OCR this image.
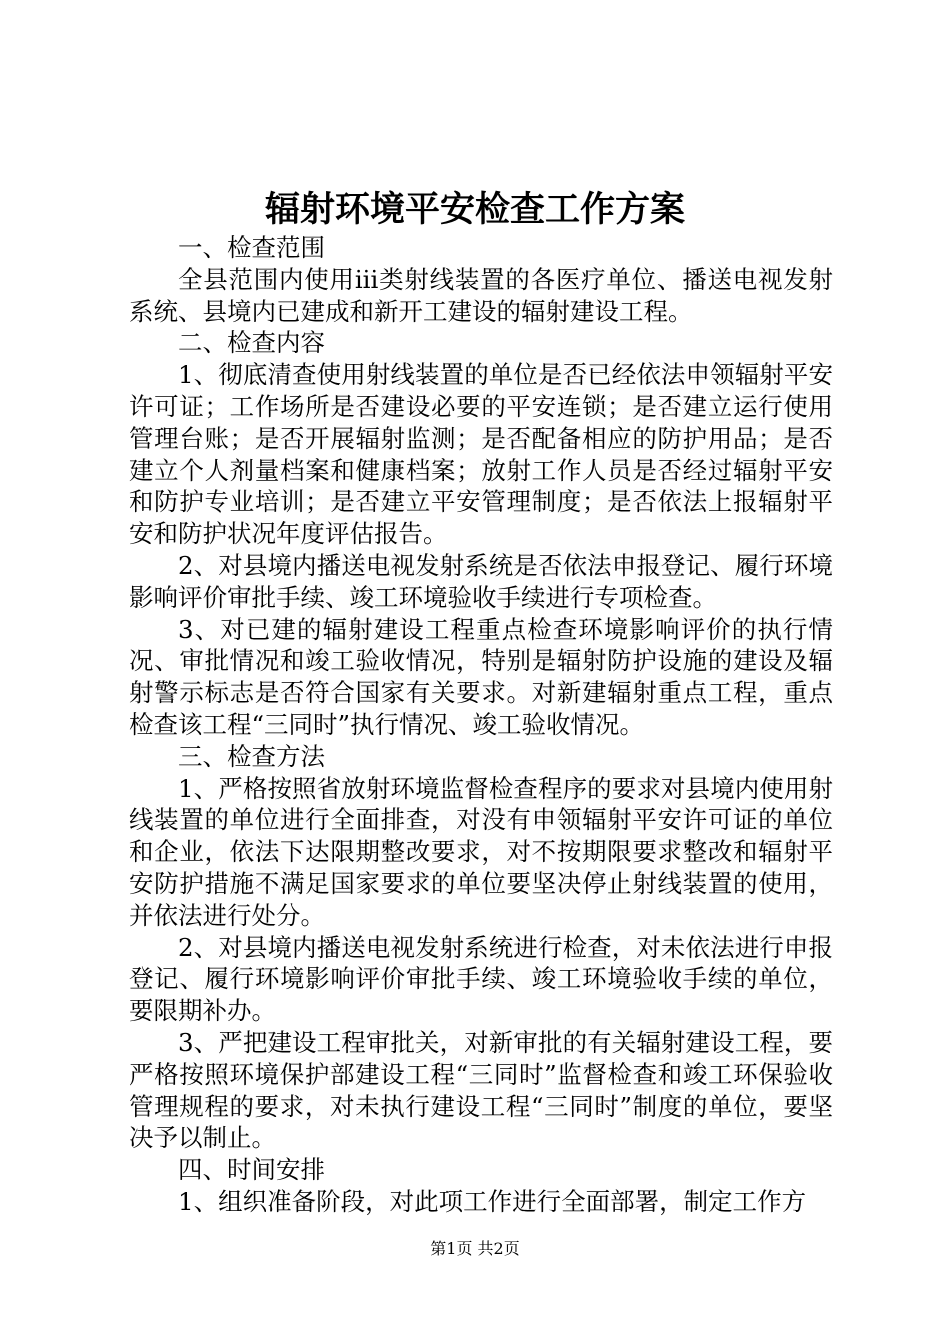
辐射环境平安检查工作方案

一、检查范围

全县范围内使用iii类射线装置的各医疗单位、播送电视发射系统、县境内已建成和新开工建设的辐射建设工程。

二、检查内容

1、彻底清查使用射线装置的单位是否已经依法申领辐射平安许可证；工作场所是否建设必要的平安连锁；是否建立运行使用管理台账；是否开展辐射监测；是否配备相应的防护用品；是否建立个人剂量档案和健康档案；放射工作人员是否经过辐射平安和防护专业培训；是否建立平安管理制度；是否依法上报辐射平安和防护状况年度评估报告。

2、对县境内播送电视发射系统是否依法申报登记、履行环境影响评价审批手续、竣工环境验收手续进行专项检查。

3、对已建的辐射建设工程重点检查环境影响评价的执行情况、审批情况和竣工验收情况，特别是辐射防护设施的建设及辐射警示标志是否符合国家有关要求。对新建辐射重点工程，重点检查该工程“三同时”执行情况、竣工验收情况。

三、检查方法

1、严格按照省放射环境监督检查程序的要求对县境内使用射线装置的单位进行全面排查，对没有申领辐射平安许可证的单位和企业，依法下达限期整改要求，对不按期限要求整改和辐射平安防护措施不满足国家要求的单位要坚决停止射线装置的使用，并依法进行处分。

2、对县境内播送电视发射系统进行检查，对未依法进行申报登记、履行环境影响评价审批手续、竣工环境验收手续的单位，要限期补办。

3、严把建设工程审批关，对新审批的有关辐射建设工程，要严格按照环境保护部建设工程“三同时”监督检查和竣工环保验收管理规程的要求，对未执行建设工程“三同时”制度的单位，要坚决予以制止。

四、时间安排

1、组织准备阶段，对此项工作进行全面部署，制定工作方

第1页 共2页
